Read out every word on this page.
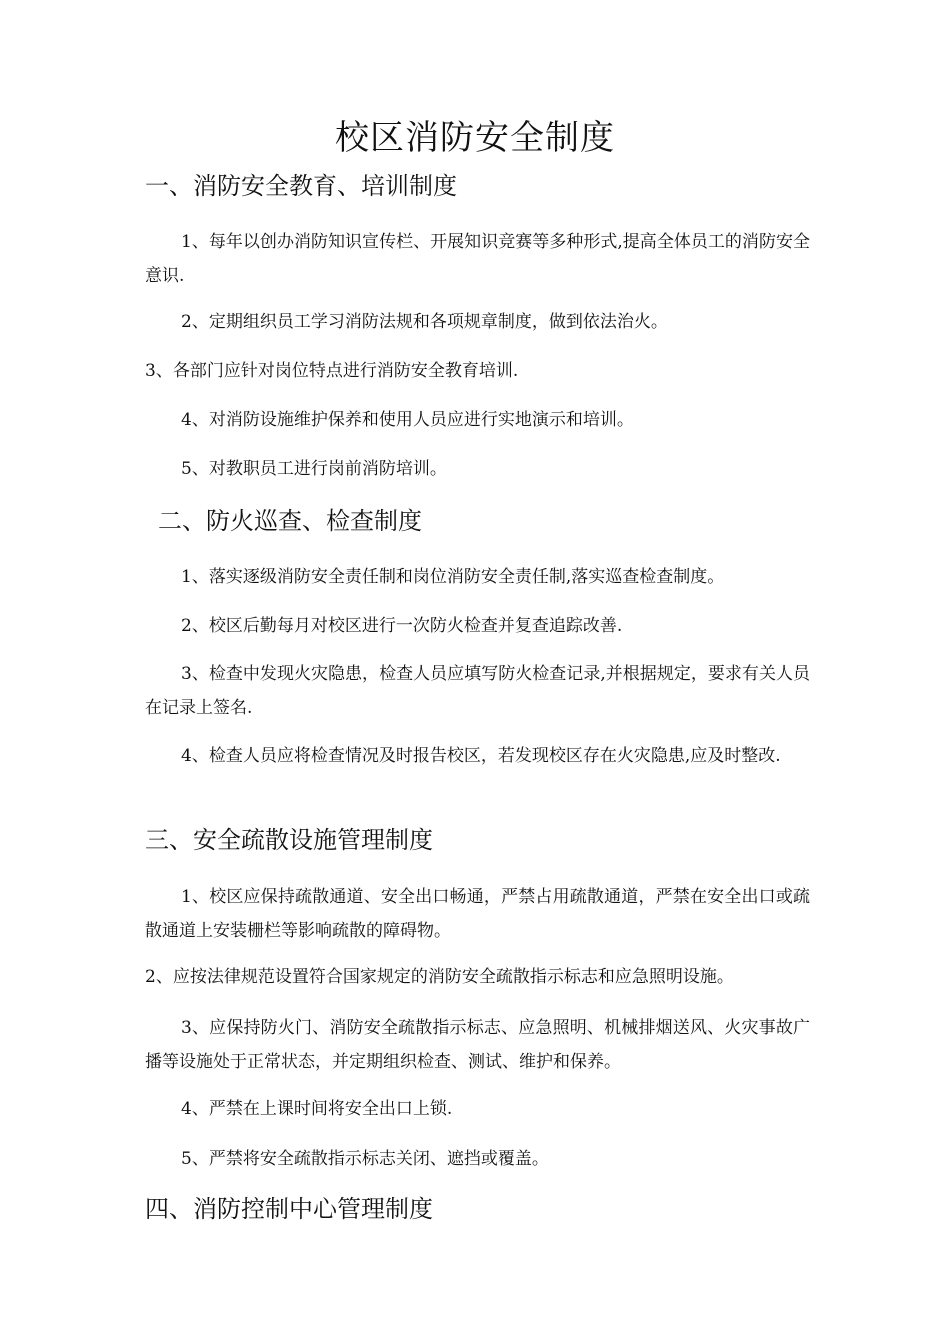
校区消防安全制度
一、消防安全教育、培训制度

1、每年以创办消防知识宣传栏、开展知识竞赛等多种形式,提高全体员工的消防安全意识.

2、定期组织员工学习消防法规和各项规章制度，做到依法治火。

3、各部门应针对岗位特点进行消防安全教育培训.

4、对消防设施维护保养和使用人员应进行实地演示和培训。

5、对教职员工进行岗前消防培训。

二、防火巡查、检查制度

1、落实逐级消防安全责任制和岗位消防安全责任制,落实巡查检查制度。

2、校区后勤每月对校区进行一次防火检查并复查追踪改善.

3、检查中发现火灾隐患，检查人员应填写防火检查记录,并根据规定，要求有关人员在记录上签名.

4、检查人员应将检查情况及时报告校区，若发现校区存在火灾隐患,应及时整改.

三、安全疏散设施管理制度

1、校区应保持疏散通道、安全出口畅通，严禁占用疏散通道，严禁在安全出口或疏散通道上安装栅栏等影响疏散的障碍物。

2、应按法律规范设置符合国家规定的消防安全疏散指示标志和应急照明设施。

3、应保持防火门、消防安全疏散指示标志、应急照明、机械排烟送风、火灾事故广播等设施处于正常状态，并定期组织检查、测试、维护和保养。

4、严禁在上课时间将安全出口上锁.

5、严禁将安全疏散指示标志关闭、遮挡或覆盖。

四、消防控制中心管理制度
